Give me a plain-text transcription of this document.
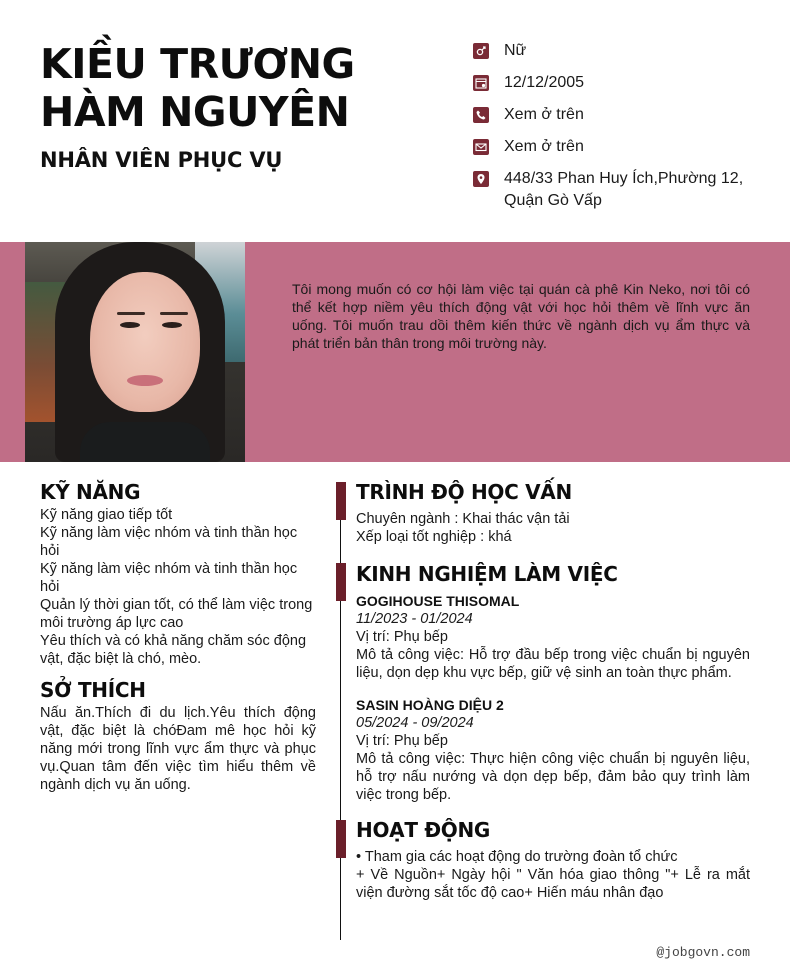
KIỀU TRƯƠNG
HÀM NGUYÊN
NHÂN VIÊN PHỤC VỤ
Nữ
12/12/2005
Xem ở trên
Xem ở trên
448/33 Phan Huy Ích,Phường 12, Quận Gò Vấp
Tôi mong muốn có cơ hội làm việc tại quán cà phê Kin Neko, nơi tôi có thể kết hợp niềm yêu thích động vật với học hỏi thêm về lĩnh vực ăn uống. Tôi muốn trau dồi thêm kiến thức về ngành dịch vụ ẩm thực và phát triển bản thân trong môi trường này.
KỸ NĂNG
Kỹ năng giao tiếp tốt
Kỹ năng làm việc nhóm và tinh thần học hỏi
Kỹ năng làm việc nhóm và tinh thần học hỏi
Quản lý thời gian tốt, có thể làm việc trong môi trường áp lực cao
Yêu thích và có khả năng chăm sóc động vật, đặc biệt là chó, mèo.
SỞ THÍCH
Nấu ăn.Thích đi du lịch.Yêu thích động vật, đặc biệt là chóĐam mê học hỏi kỹ năng mới trong lĩnh vực ẩm thực và phục vụ.Quan tâm đến việc tìm hiểu thêm về ngành dịch vụ ăn uống.
TRÌNH ĐỘ HỌC VẤN
Chuyên ngành : Khai thác vận tải
Xếp loại tốt nghiệp : khá
KINH NGHIỆM LÀM VIỆC
GOGIHOUSE THISOMAL
11/2023 - 01/2024
Vị trí: Phụ bếp
Mô tả công việc: Hỗ trợ đầu bếp trong việc chuẩn bị nguyên liệu, dọn dẹp khu vực bếp, giữ vệ sinh an toàn thực phẩm.
SASIN HOÀNG DIỆU 2
05/2024 - 09/2024
Vị trí: Phụ bếp
Mô tả công việc: Thực hiện công việc chuẩn bị nguyên liệu, hỗ trợ nấu nướng và dọn dẹp bếp, đảm bảo quy trình làm việc trong bếp.
HOẠT ĐỘNG
• Tham gia các hoạt động do trường đoàn tổ chức
+ Về Nguồn+ Ngày hội " Văn hóa giao thông "+ Lễ ra mắt viện đường sắt tốc độ cao+ Hiến máu nhân đạo
@jobgovn.com
